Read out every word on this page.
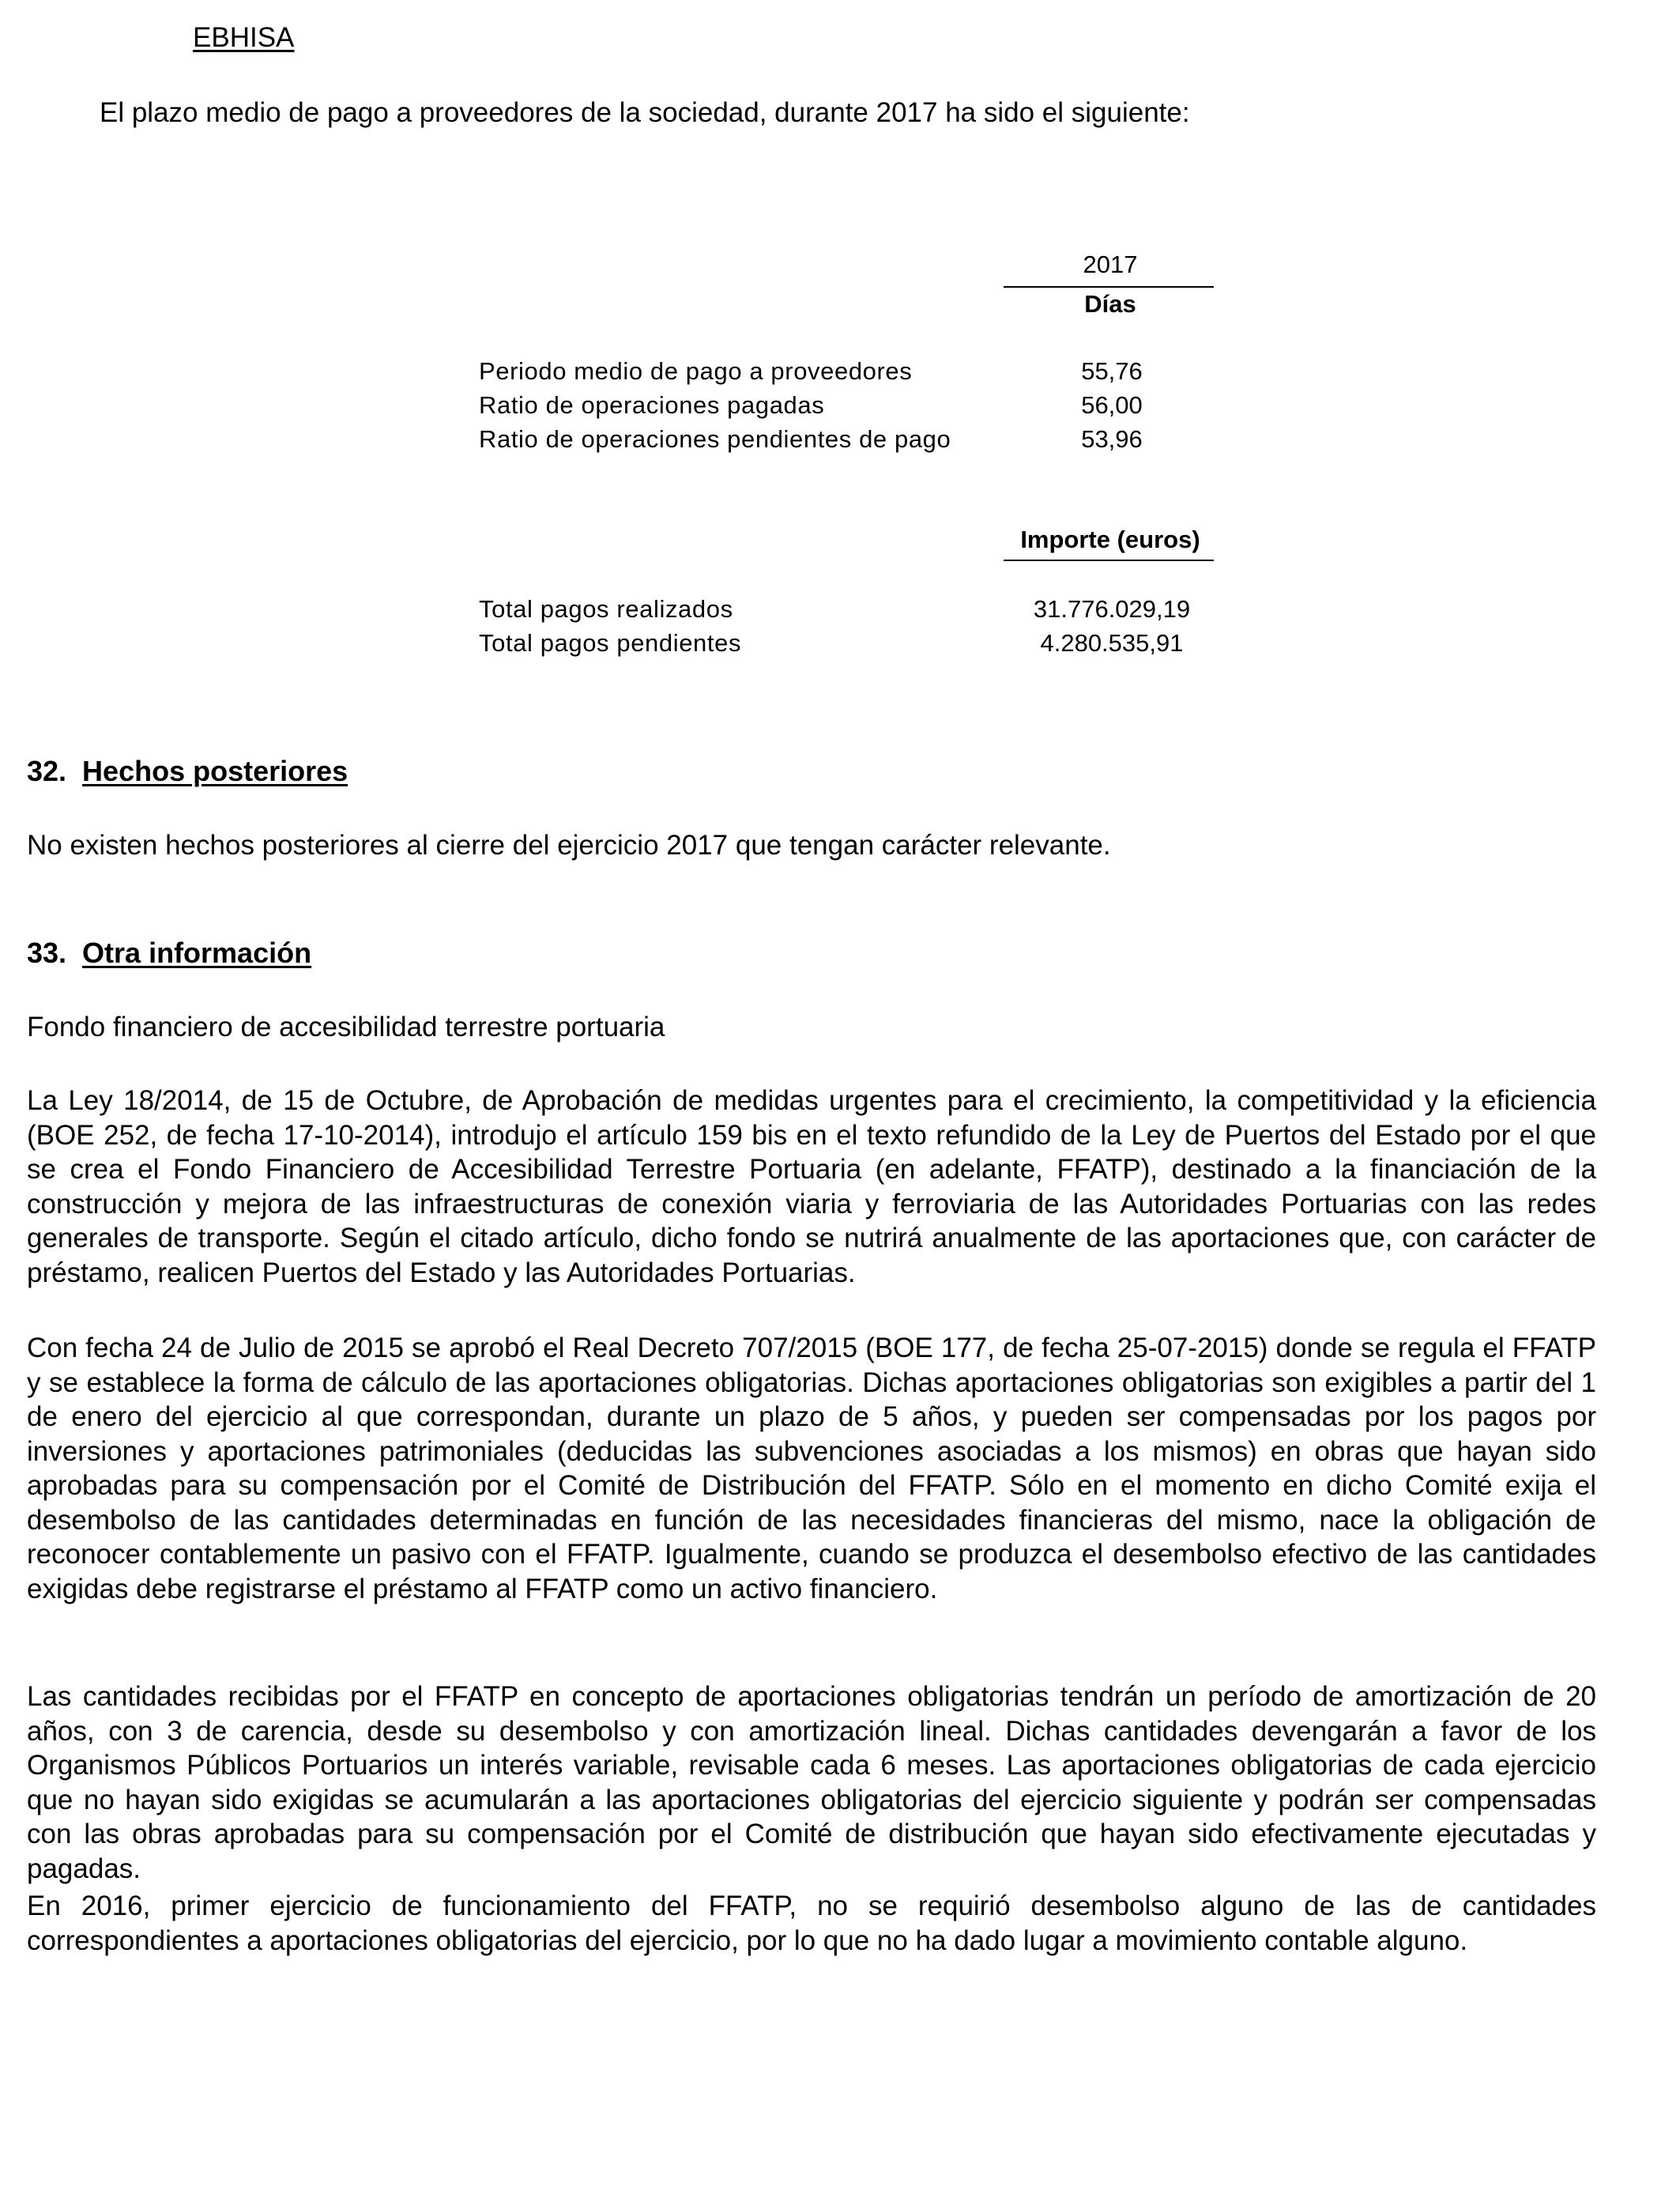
EBHISA
El plazo medio de pago a proveedores de la sociedad, durante 2017 ha sido el siguiente:
2017
Días
Periodo medio de pago a proveedores	55,76
Ratio de operaciones pagadas	56,00
Ratio de operaciones pendientes de pago	53,96
Importe (euros)
Total pagos realizados	31.776.029,19
Total pagos pendientes	4.280.535,91
32. Hechos posteriores
No existen hechos posteriores al cierre del ejercicio 2017 que tengan carácter relevante.
33. Otra información
Fondo financiero de accesibilidad terrestre portuaria

La Ley 18/2014, de 15 de Octubre, de Aprobación de medidas urgentes para el crecimiento, la competitividad y la eficiencia (BOE 252, de fecha 17-10-2014), introdujo el artículo 159 bis en el texto refundido de la Ley de Puertos del Estado por el que se crea el Fondo Financiero de Accesibilidad Terrestre Portuaria (en adelante, FFATP), destinado a la financiación de la construcción y mejora de las infraestructuras de conexión viaria y ferroviaria de las Autoridades Portuarias con las redes generales de transporte. Según el citado artículo, dicho fondo se nutrirá anualmente de las aportaciones que, con carácter de préstamo, realicen Puertos del Estado y las Autoridades Portuarias.

Con fecha 24 de Julio de 2015 se aprobó el Real Decreto 707/2015 (BOE 177, de fecha 25-07-2015) donde se regula el FFATP y se establece la forma de cálculo de las aportaciones obligatorias. Dichas aportaciones obligatorias son exigibles a partir del 1 de enero del ejercicio al que correspondan, durante un plazo de 5 años, y pueden ser compensadas por los pagos por inversiones y aportaciones patrimoniales (deducidas las subvenciones asociadas a los mismos) en obras que hayan sido aprobadas para su compensación por el Comité de Distribución del FFATP. Sólo en el momento en dicho Comité exija el desembolso de las cantidades determinadas en función de las necesidades financieras del mismo, nace la obligación de reconocer contablemente un pasivo con el FFATP. Igualmente, cuando se produzca el desembolso efectivo de las cantidades exigidas debe registrarse el préstamo al FFATP como un activo financiero.

Las cantidades recibidas por el FFATP en concepto de aportaciones obligatorias tendrán un período de amortización de 20 años, con 3 de carencia, desde su desembolso y con amortización lineal. Dichas cantidades devengarán a favor de los Organismos Públicos Portuarios un interés variable, revisable cada 6 meses. Las aportaciones obligatorias de cada ejercicio que no hayan sido exigidas se acumularán a las aportaciones obligatorias del ejercicio siguiente y podrán ser compensadas con las obras aprobadas para su compensación por el Comité de distribución que hayan sido efectivamente ejecutadas y pagadas.

En 2016, primer ejercicio de funcionamiento del FFATP, no se requirió desembolso alguno de las de cantidades correspondientes a aportaciones obligatorias del ejercicio, por lo que no ha dado lugar a movimiento contable alguno.
